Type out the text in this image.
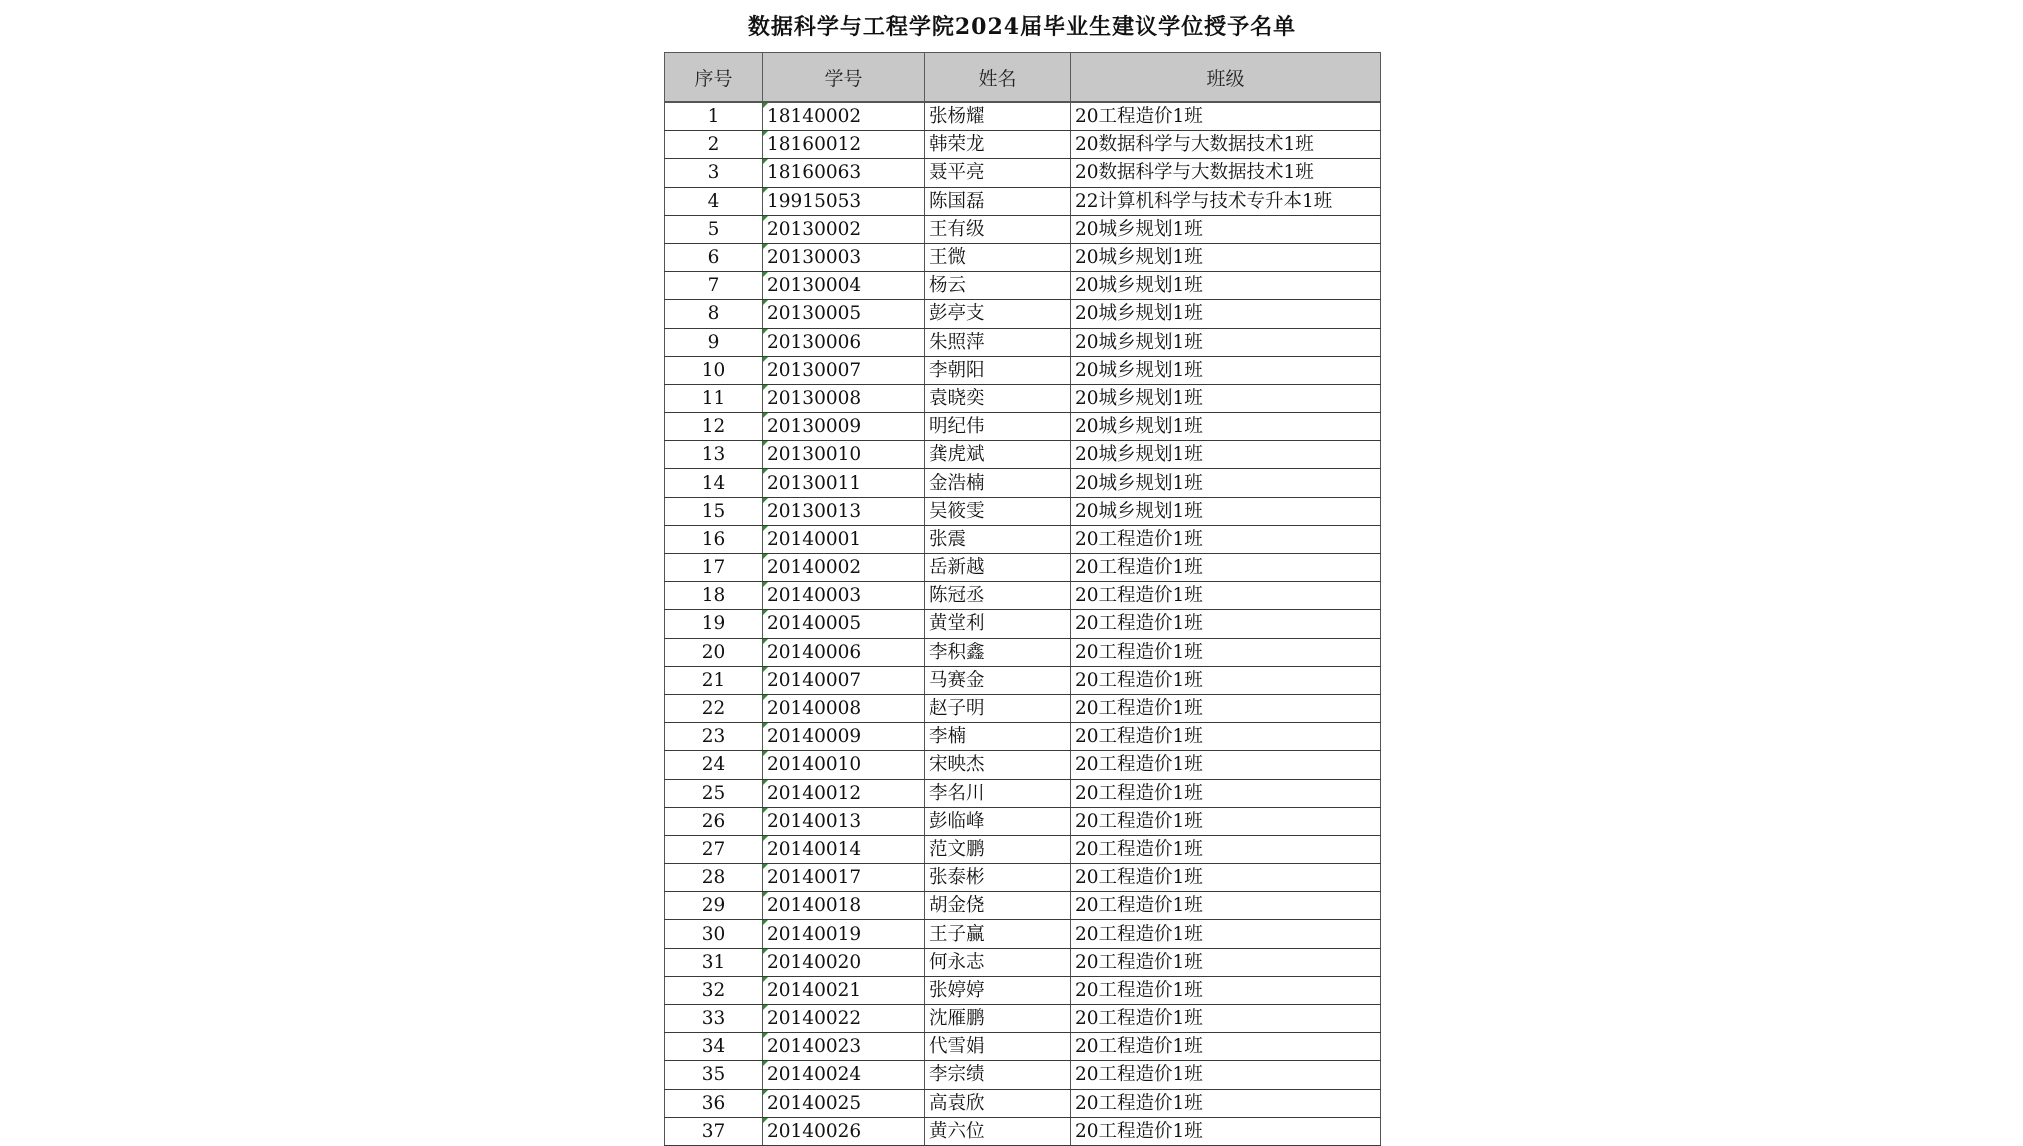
数据科学与工程学院2024届毕业生建议学位授予名单
序号	学号	姓名	班级
1	18140002	张杨耀	20工程造价1班
2	18160012	韩荣龙	20数据科学与大数据技术1班
3	18160063	聂平亮	20数据科学与大数据技术1班
4	19915053	陈国磊	22计算机科学与技术专升本1班
5	20130002	王有级	20城乡规划1班
6	20130003	王微	20城乡规划1班
7	20130004	杨云	20城乡规划1班
8	20130005	彭亭支	20城乡规划1班
9	20130006	朱照萍	20城乡规划1班
10	20130007	李朝阳	20城乡规划1班
11	20130008	袁晓奕	20城乡规划1班
12	20130009	明纪伟	20城乡规划1班
13	20130010	龚虎斌	20城乡规划1班
14	20130011	金浩楠	20城乡规划1班
15	20130013	吴筱雯	20城乡规划1班
16	20140001	张震	20工程造价1班
17	20140002	岳新越	20工程造价1班
18	20140003	陈冠丞	20工程造价1班
19	20140005	黄堂利	20工程造价1班
20	20140006	李积鑫	20工程造价1班
21	20140007	马赛金	20工程造价1班
22	20140008	赵子明	20工程造价1班
23	20140009	李楠	20工程造价1班
24	20140010	宋映杰	20工程造价1班
25	20140012	李名川	20工程造价1班
26	20140013	彭临峰	20工程造价1班
27	20140014	范文鹏	20工程造价1班
28	20140017	张泰彬	20工程造价1班
29	20140018	胡金侥	20工程造价1班
30	20140019	王子赢	20工程造价1班
31	20140020	何永志	20工程造价1班
32	20140021	张婷婷	20工程造价1班
33	20140022	沈雁鹏	20工程造价1班
34	20140023	代雪娟	20工程造价1班
35	20140024	李宗绩	20工程造价1班
36	20140025	高袁欣	20工程造价1班
37	20140026	黄六位	20工程造价1班
